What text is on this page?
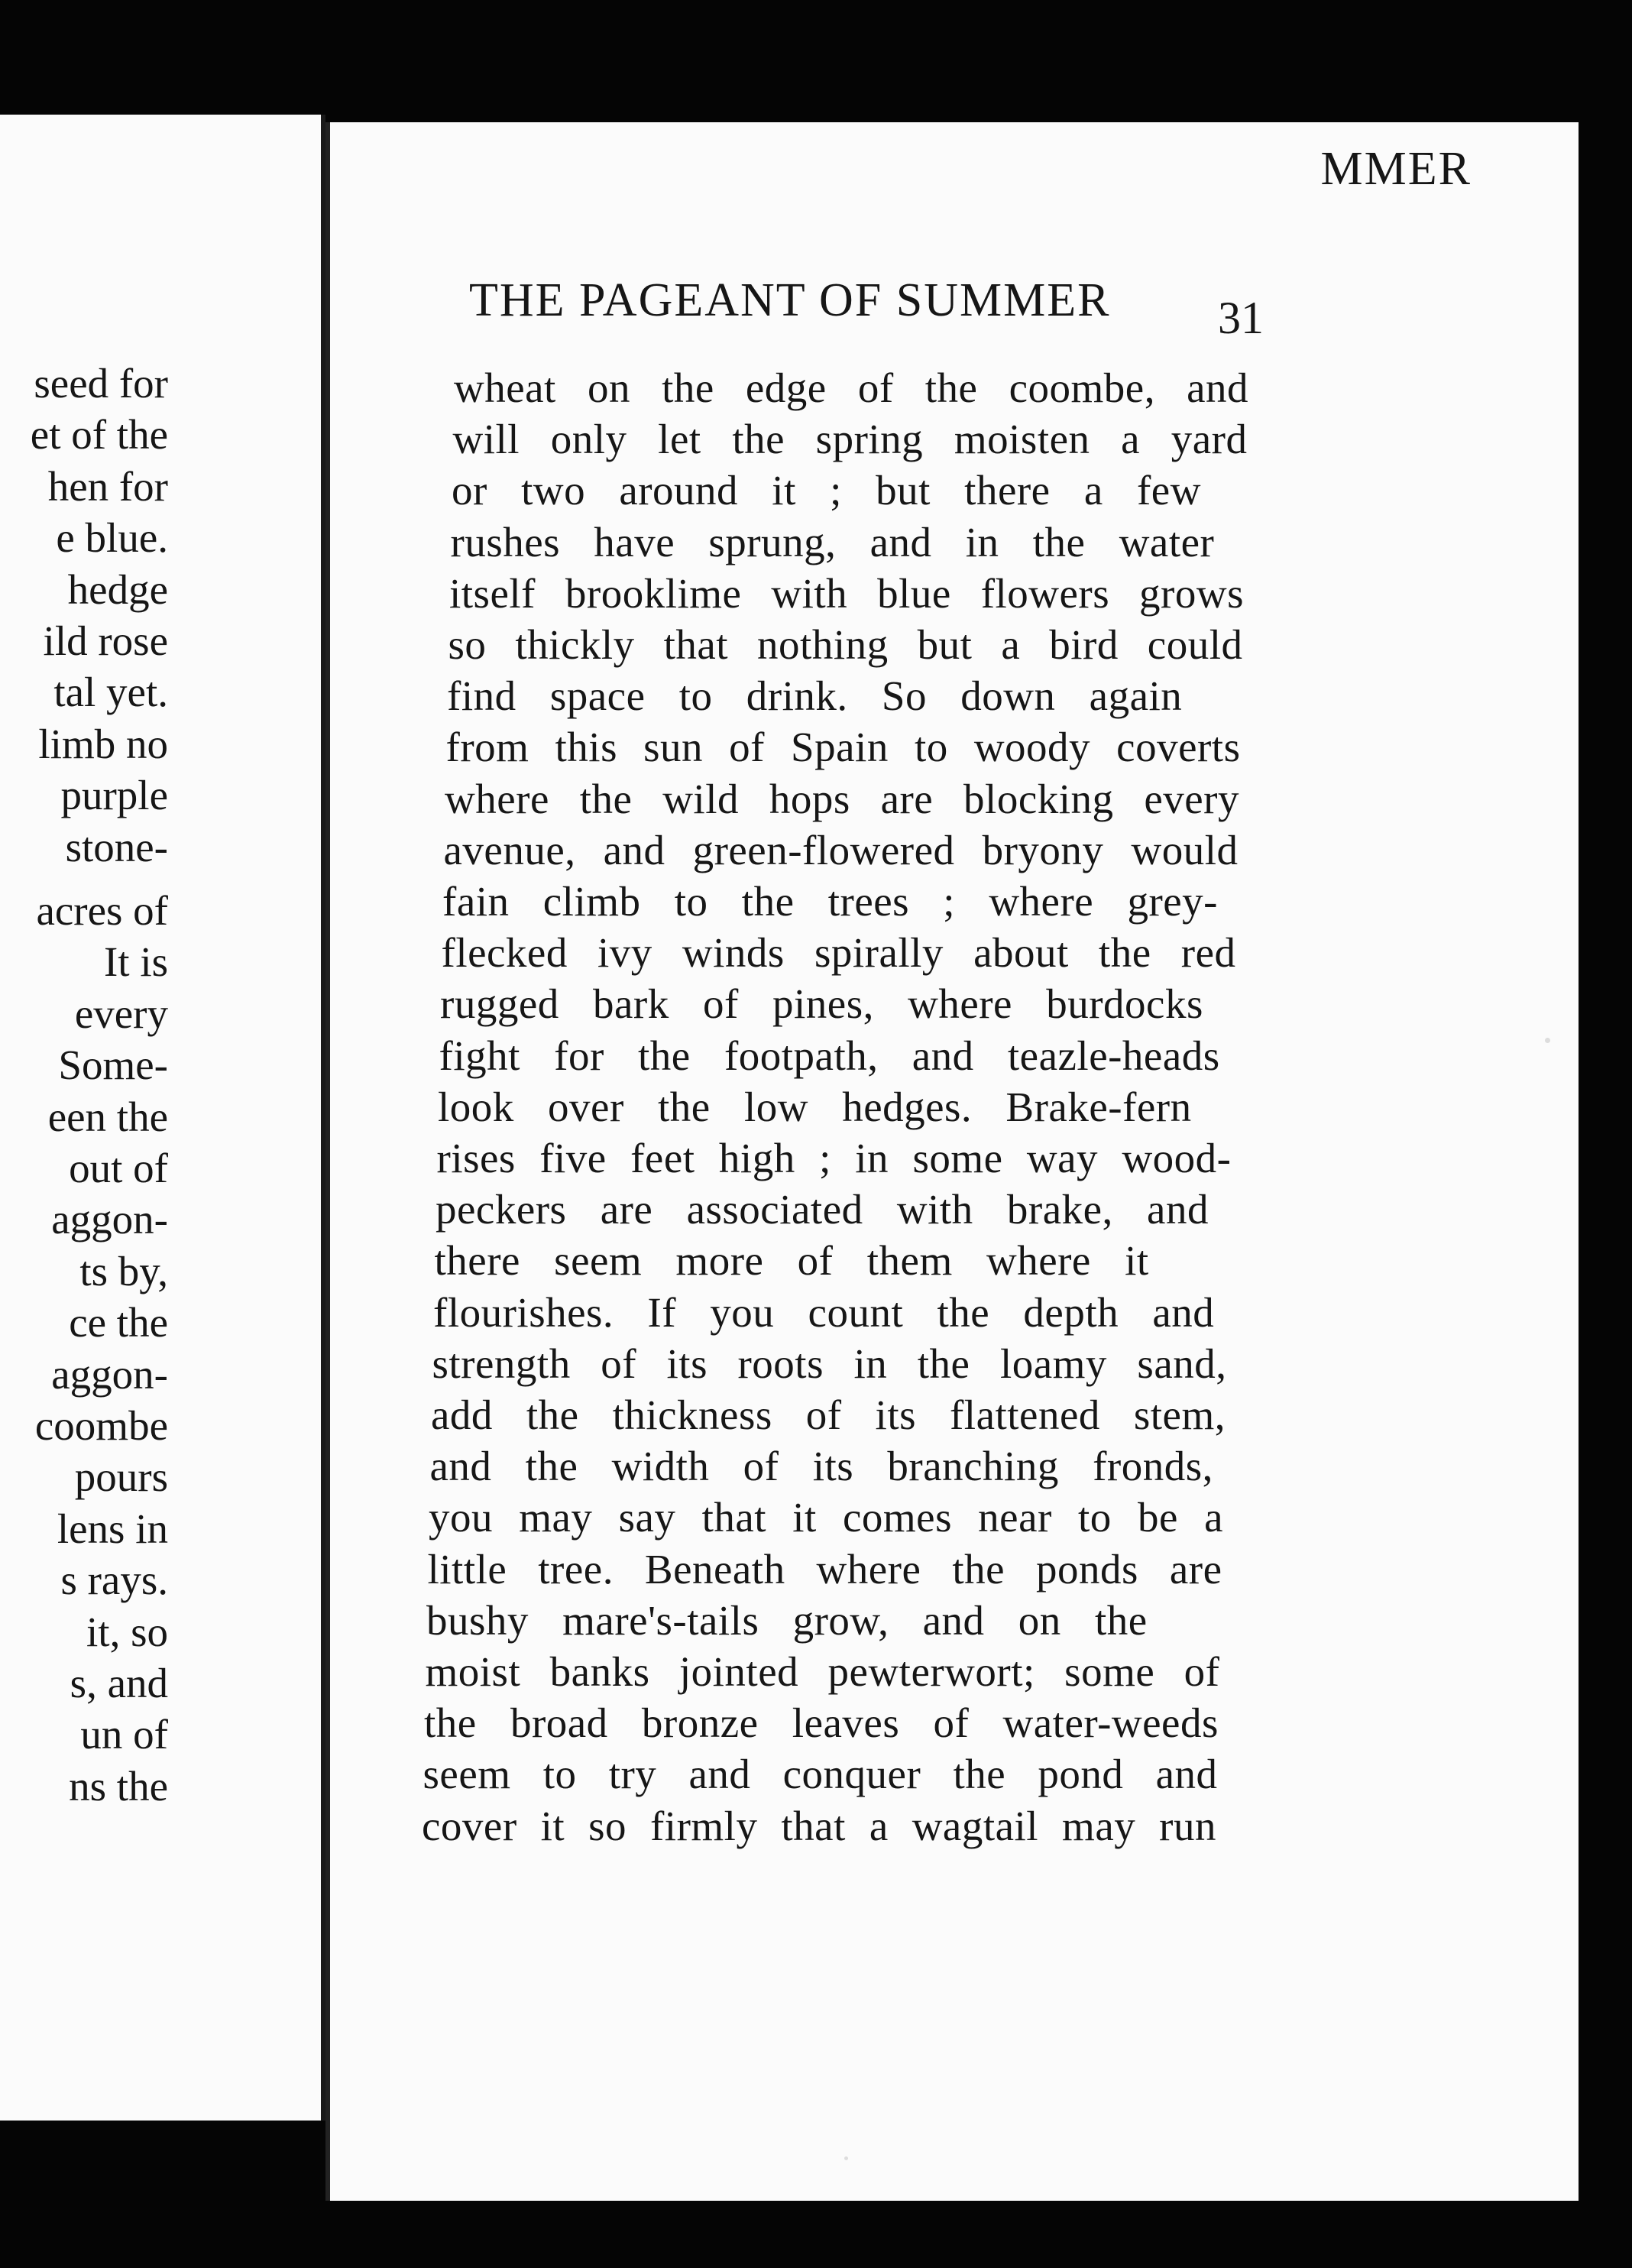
MMER
THE PAGEANT OF SUMMER 31
seed for
et of the
hen for
e blue.
hedge
ild rose
tal yet.
limb no
purple
stone-
acres of
It is
every
Some-
een the
out of
aggon-
ts by,
ce the
aggon-
coombe
pours
lens in
s rays.
it, so
s, and
un of
ns the
wheat on the edge of the coombe, and
will only let the spring moisten a yard
or two around it ; but there a few
rushes have sprung, and in the water
itself brooklime with blue flowers grows
so thickly that nothing but a bird could
find space to drink. So down again
from this sun of Spain to woody coverts
where the wild hops are blocking every
avenue, and green-flowered bryony would
fain climb to the trees ; where grey-
flecked ivy winds spirally about the red
rugged bark of pines, where burdocks
fight for the footpath, and teazle-heads
look over the low hedges. Brake-fern
rises five feet high ; in some way wood-
peckers are associated with brake, and
there seem more of them where it
flourishes. If you count the depth and
strength of its roots in the loamy sand,
add the thickness of its flattened stem,
and the width of its branching fronds,
you may say that it comes near to be a
little tree. Beneath where the ponds are
bushy mare's-tails grow, and on the
moist banks jointed pewterwort; some of
the broad bronze leaves of water-weeds
seem to try and conquer the pond and
cover it so firmly that a wagtail may run
